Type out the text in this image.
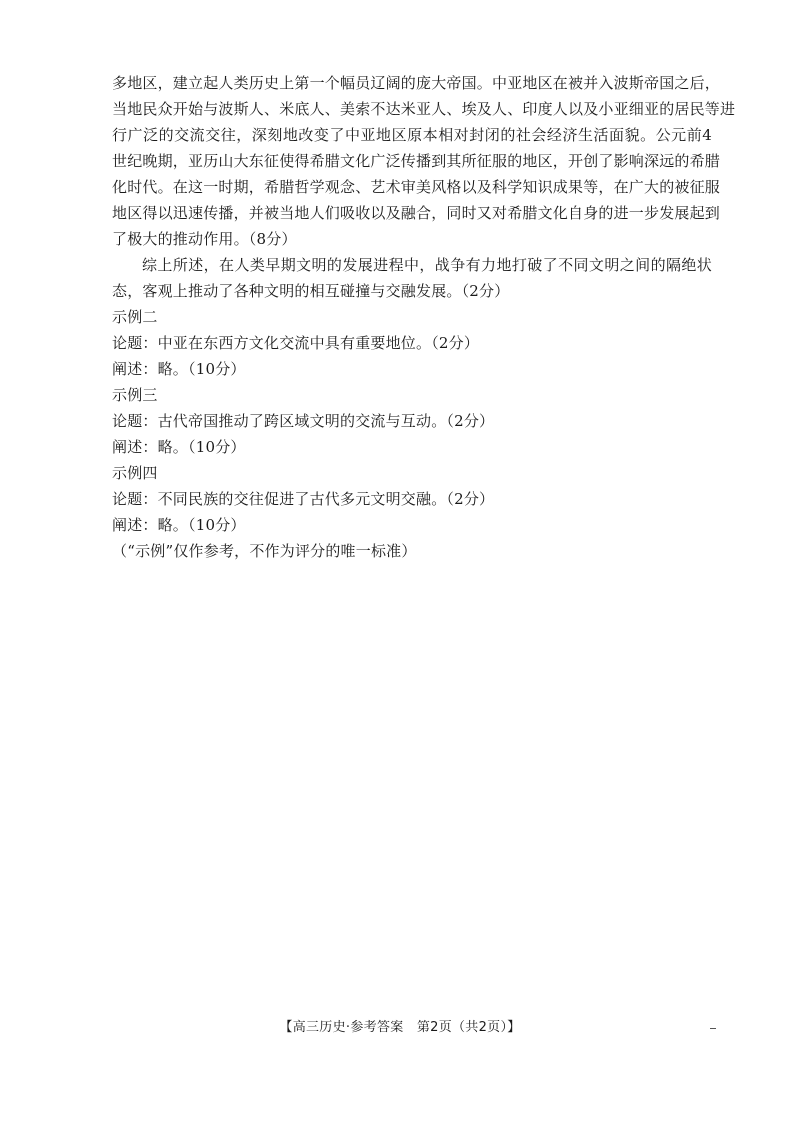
多地区，建立起人类历史上第一个幅员辽阔的庞大帝国。中亚地区在被并入波斯帝国之后，
当地民众开始与波斯人、米底人、美索不达米亚人、埃及人、印度人以及小亚细亚的居民等进
行广泛的交流交往，深刻地改变了中亚地区原本相对封闭的社会经济生活面貌。公元前4
世纪晚期，亚历山大东征使得希腊文化广泛传播到其所征服的地区，开创了影响深远的希腊
化时代。在这一时期，希腊哲学观念、艺术审美风格以及科学知识成果等，在广大的被征服
地区得以迅速传播，并被当地人们吸收以及融合，同时又对希腊文化自身的进一步发展起到
了极大的推动作用。（8分）
综上所述，在人类早期文明的发展进程中，战争有力地打破了不同文明之间的隔绝状
态，客观上推动了各种文明的相互碰撞与交融发展。（2分）
示例二
论题：中亚在东西方文化交流中具有重要地位。（2分）
阐述：略。（10分）
示例三
论题：古代帝国推动了跨区域文明的交流与互动。（2分）
阐述：略。（10分）
示例四
论题：不同民族的交往促进了古代多元文明交融。（2分）
阐述：略。（10分）
（“示例”仅作参考，不作为评分的唯一标准）
【高三历史·参考答案　第2页（共2页）】
